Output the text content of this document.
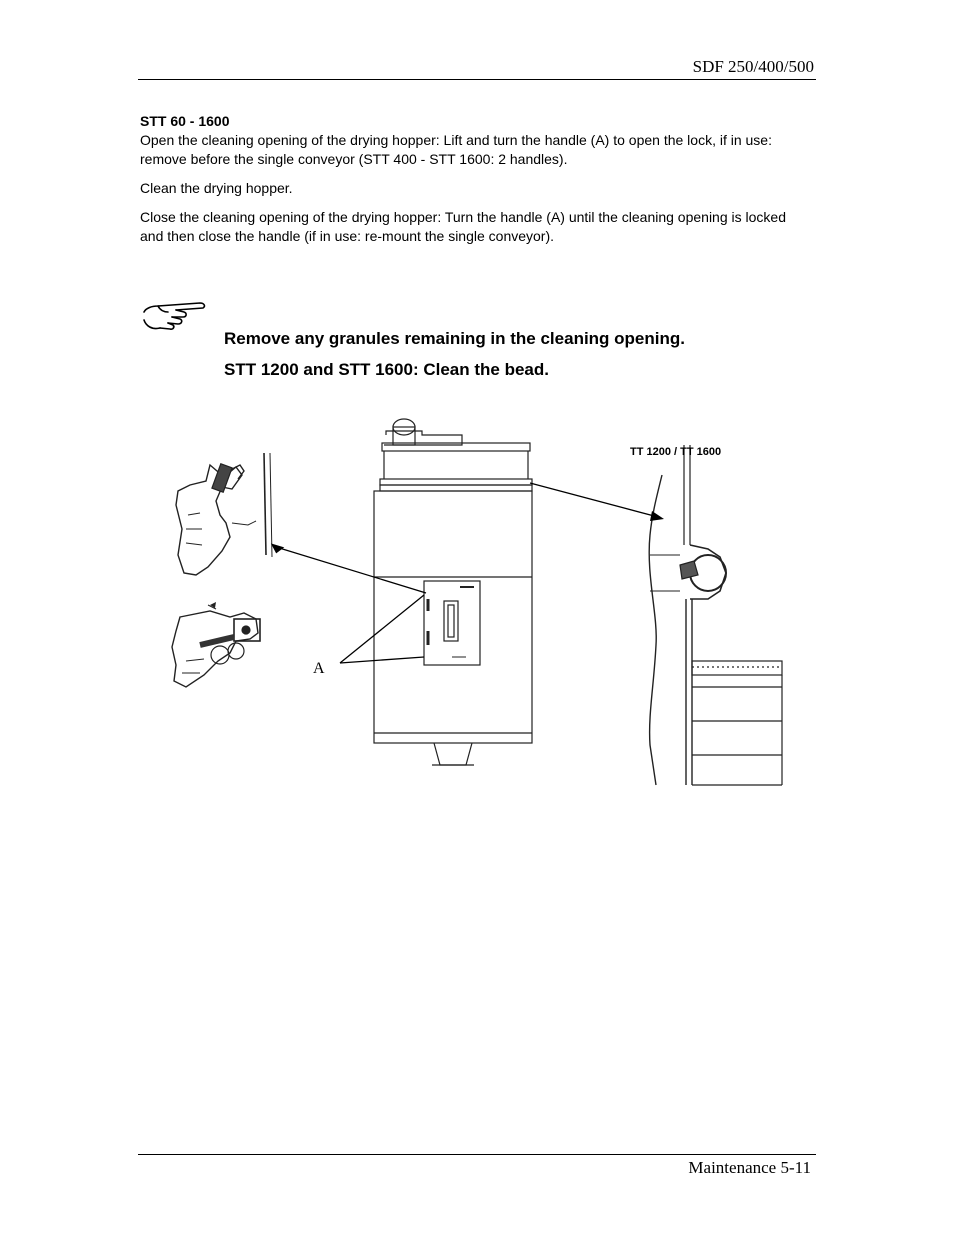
SDF 250/400/500
STT 60 - 1600

Open the cleaning opening of the drying hopper: Lift and turn the handle (A) to open the lock, if in use: remove before the single conveyor (STT 400 - STT 1600: 2 handles).

Clean the drying hopper.

Close the cleaning opening of the drying hopper: Turn the handle (A) until the cleaning opening is locked and then close the handle (if in use: re-mount the single conveyor).

Remove any granules remaining in the cleaning opening.
STT 1200 and STT 1600: Clean the bead.
A
TT 1200 / TT 1600
Maintenance 5-11
